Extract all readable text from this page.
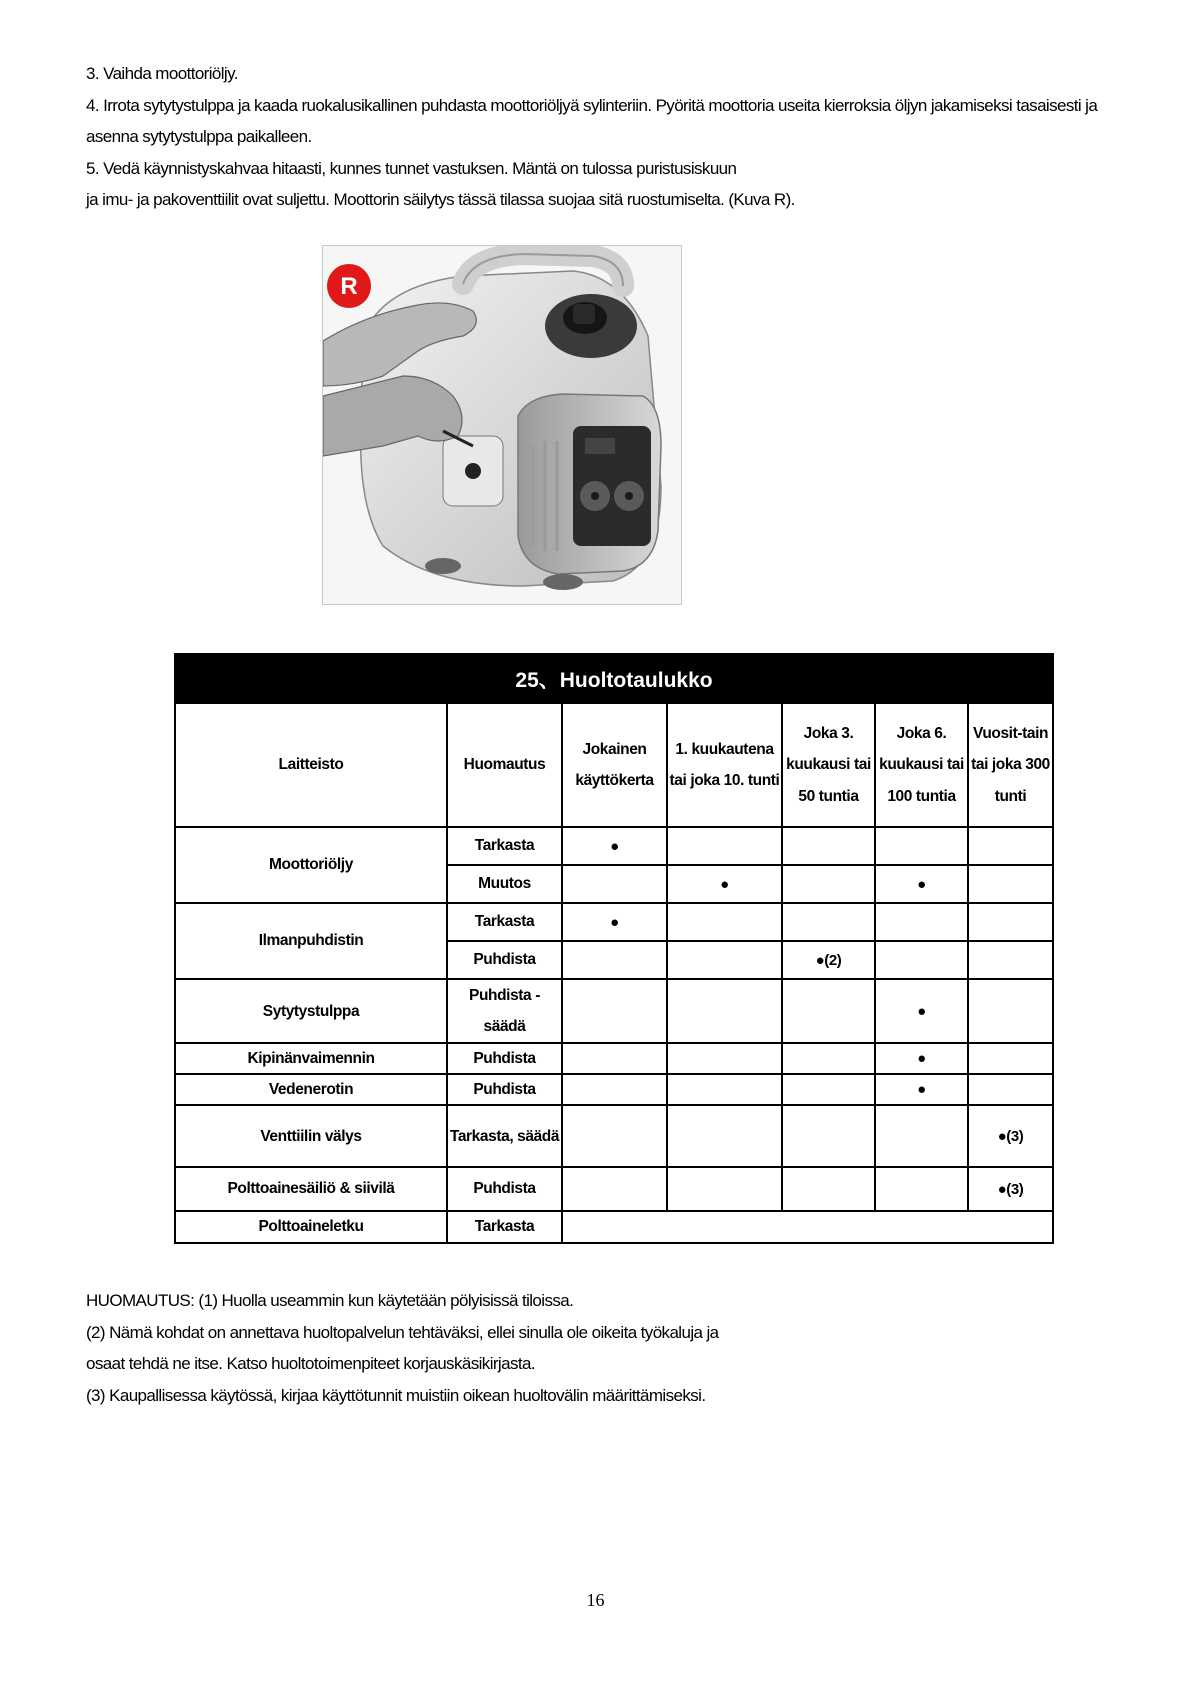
3. Vaihda moottoriöljy.

4. Irrota sytytystulppa ja kaada ruokalusikallinen puhdasta moottoriöljyä sylinteriin. Pyöritä moottoria useita kierroksia öljyn jakamiseksi tasaisesti ja

asenna sytytystulppa paikalleen.

5. Vedä käynnistyskahvaa hitaasti, kunnes tunnet vastuksen. Mäntä on tulossa puristusiskuun

ja imu- ja pakoventtiilit ovat suljettu. Moottorin säilytys tässä tilassa suojaa sitä ruostumiselta. (Kuva R).

R
25、Huoltotaulukko						
Laitteisto	Huomautus	Jokainen käyttökerta	1. kuukautena tai joka 10. tunti	Joka 3. kuukausi tai 50 tuntia	Joka 6. kuukausi tai 100 tuntia	Vuosit-tain tai joka 300 tunti
Moottoriöljy	Tarkasta	●				
	Muutos		●		●	
Ilmanpuhdistin	Tarkasta	●				
	Puhdista			●(2)		
Sytytystulppa	Puhdista - säädä				●	
Kipinänvaimennin	Puhdista				●	
Vedenerotin	Puhdista				●	
Venttiilin välys	Tarkasta, säädä					●(3)
Polttoainesäiliö & siivilä	Puhdista					●(3)
Polttoaineletku	Tarkasta					

HUOMAUTUS: (1) Huolla useammin kun käytetään pölyisissä tiloissa.

(2) Nämä kohdat on annettava huoltopalvelun tehtäväksi, ellei sinulla ole oikeita työkaluja ja

osaat tehdä ne itse. Katso huoltotoimenpiteet korjauskäsikirjasta.

(3) Kaupallisessa käytössä, kirjaa käyttötunnit muistiin oikean huoltovälin määrittämiseksi.

16
